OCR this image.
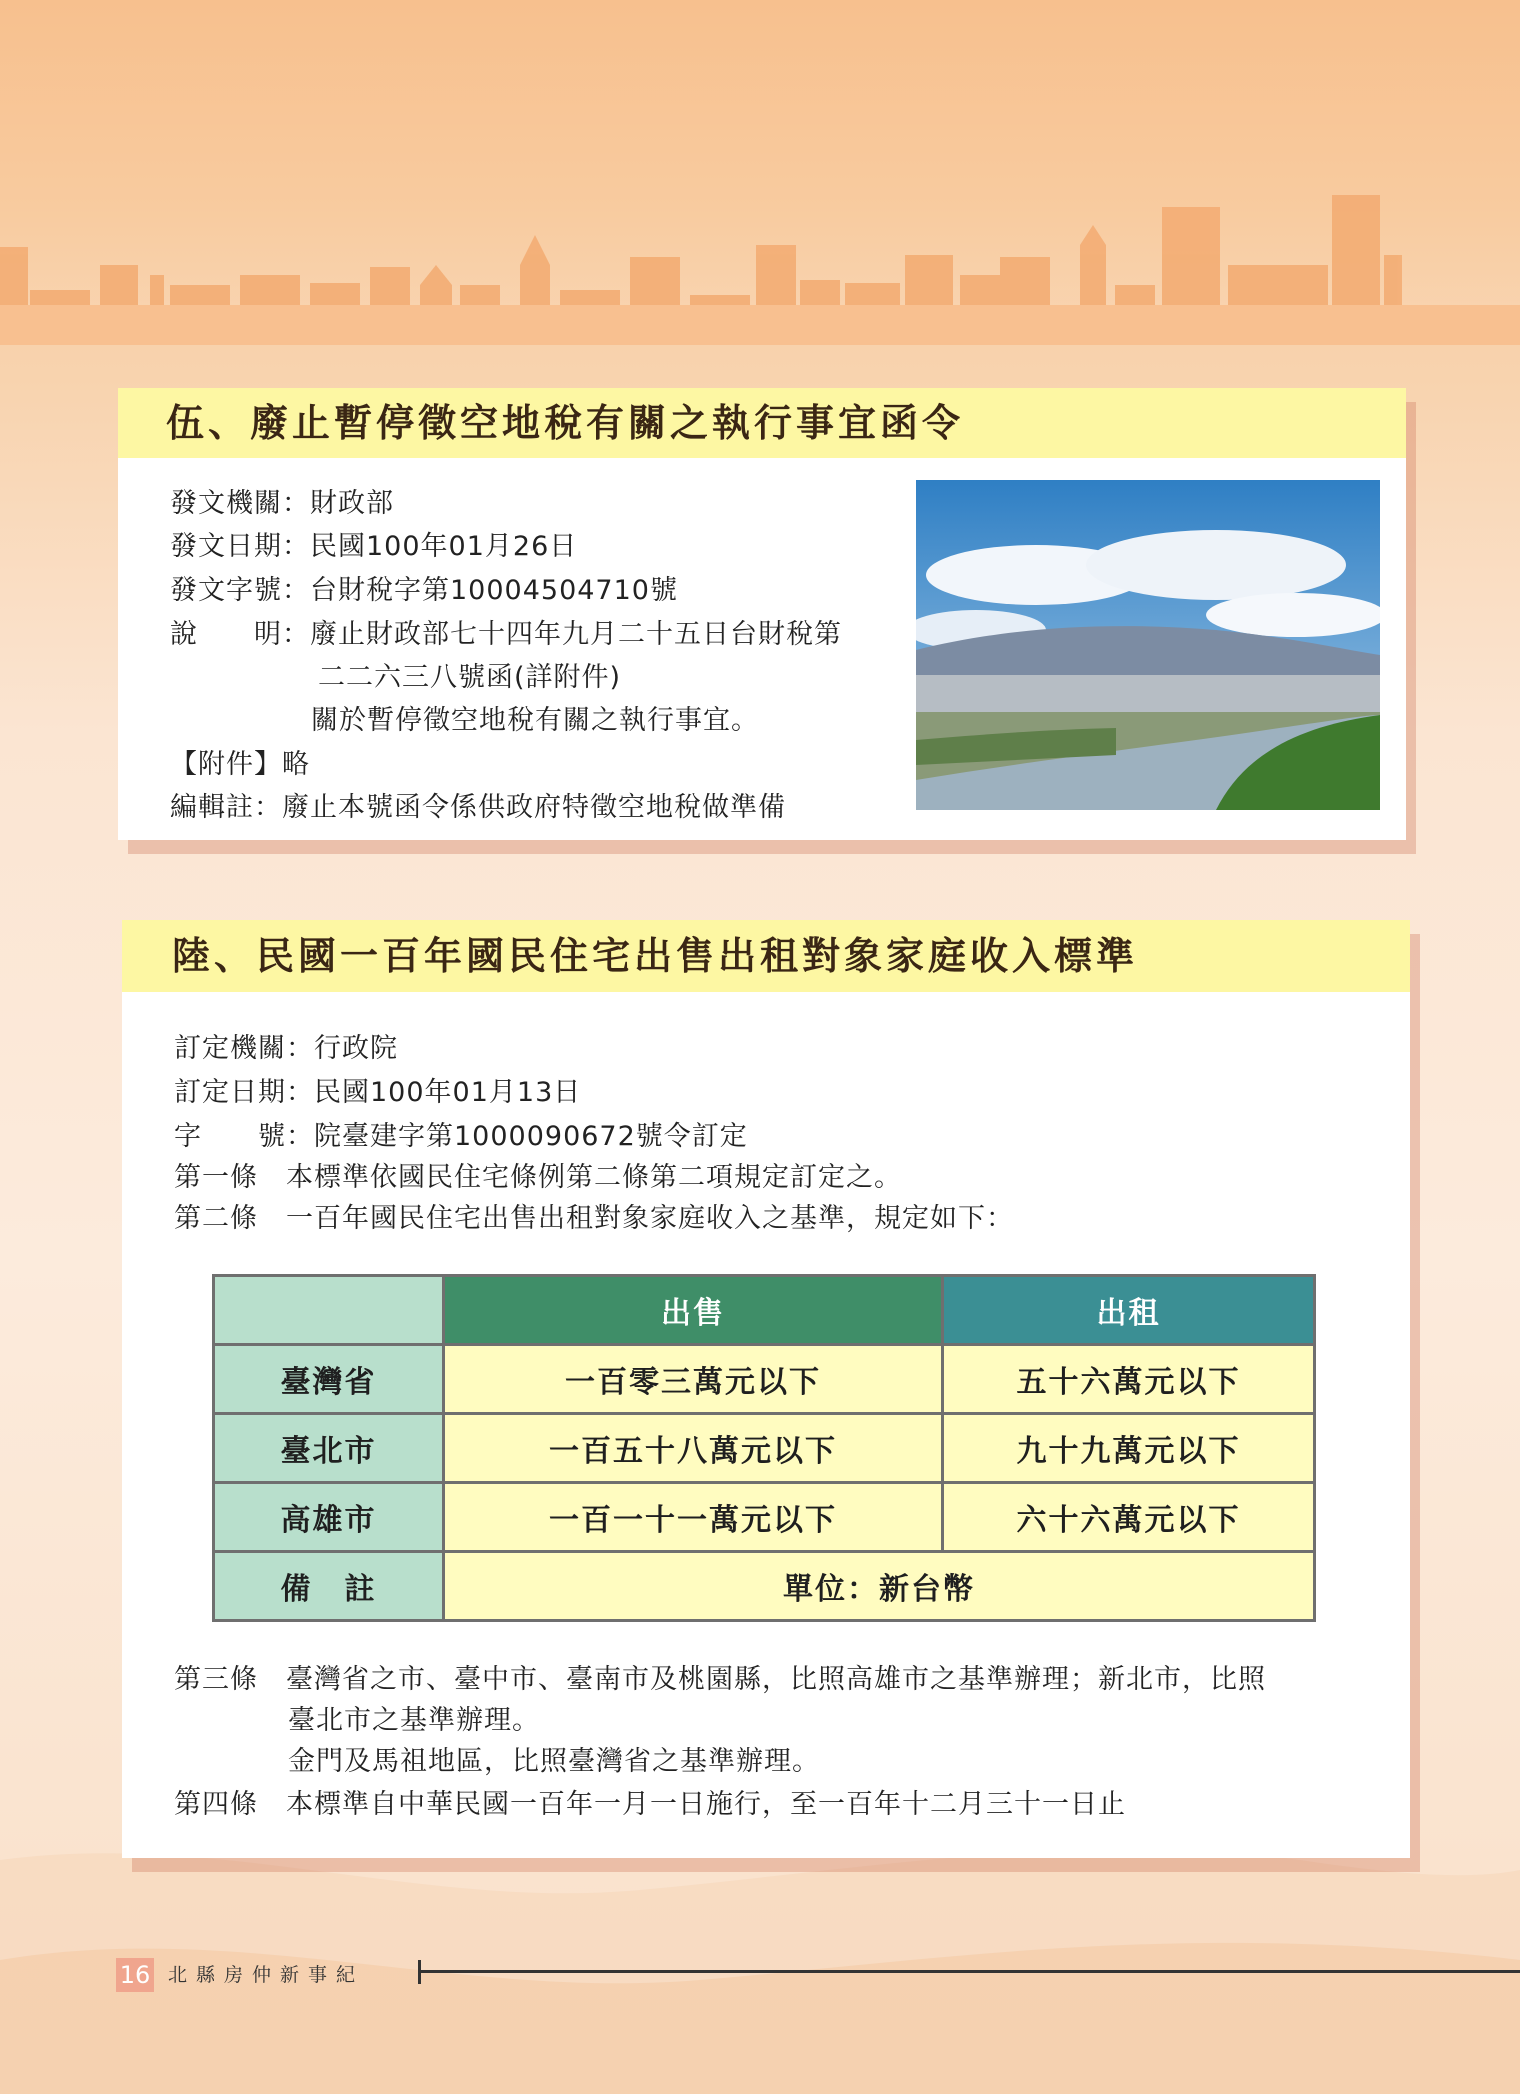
伍、廢止暫停徵空地稅有關之執行事宜函令
發文機關：財政部
發文日期：民國100年01月26日
發文字號：台財稅字第10004504710號
說　　明：廢止財政部七十四年九月二十五日台財稅第
二二六三八號函(詳附件)
關於暫停徵空地稅有關之執行事宜。
【附件】略
編輯註：廢止本號函令係供政府特徵空地稅做準備
陸、民國一百年國民住宅出售出租對象家庭收入標準
訂定機關：行政院
訂定日期：民國100年01月13日
字　　號：院臺建字第1000090672號令訂定
第一條　本標準依國民住宅條例第二條第二項規定訂定之。
第二條　一百年國民住宅出售出租對象家庭收入之基準，規定如下：
	出售	出租
臺灣省	一百零三萬元以下	五十六萬元以下
臺北市	一百五十八萬元以下	九十九萬元以下
高雄市	一百一十一萬元以下	六十六萬元以下
備　註	單位：新台幣	
第三條　臺灣省之市、臺中市、臺南市及桃園縣，比照高雄市之基準辦理；新北市，比照
臺北市之基準辦理。
金門及馬祖地區，比照臺灣省之基準辦理。
第四條　本標準自中華民國一百年一月一日施行，至一百年十二月三十一日止
16 北縣房仲新事紀
